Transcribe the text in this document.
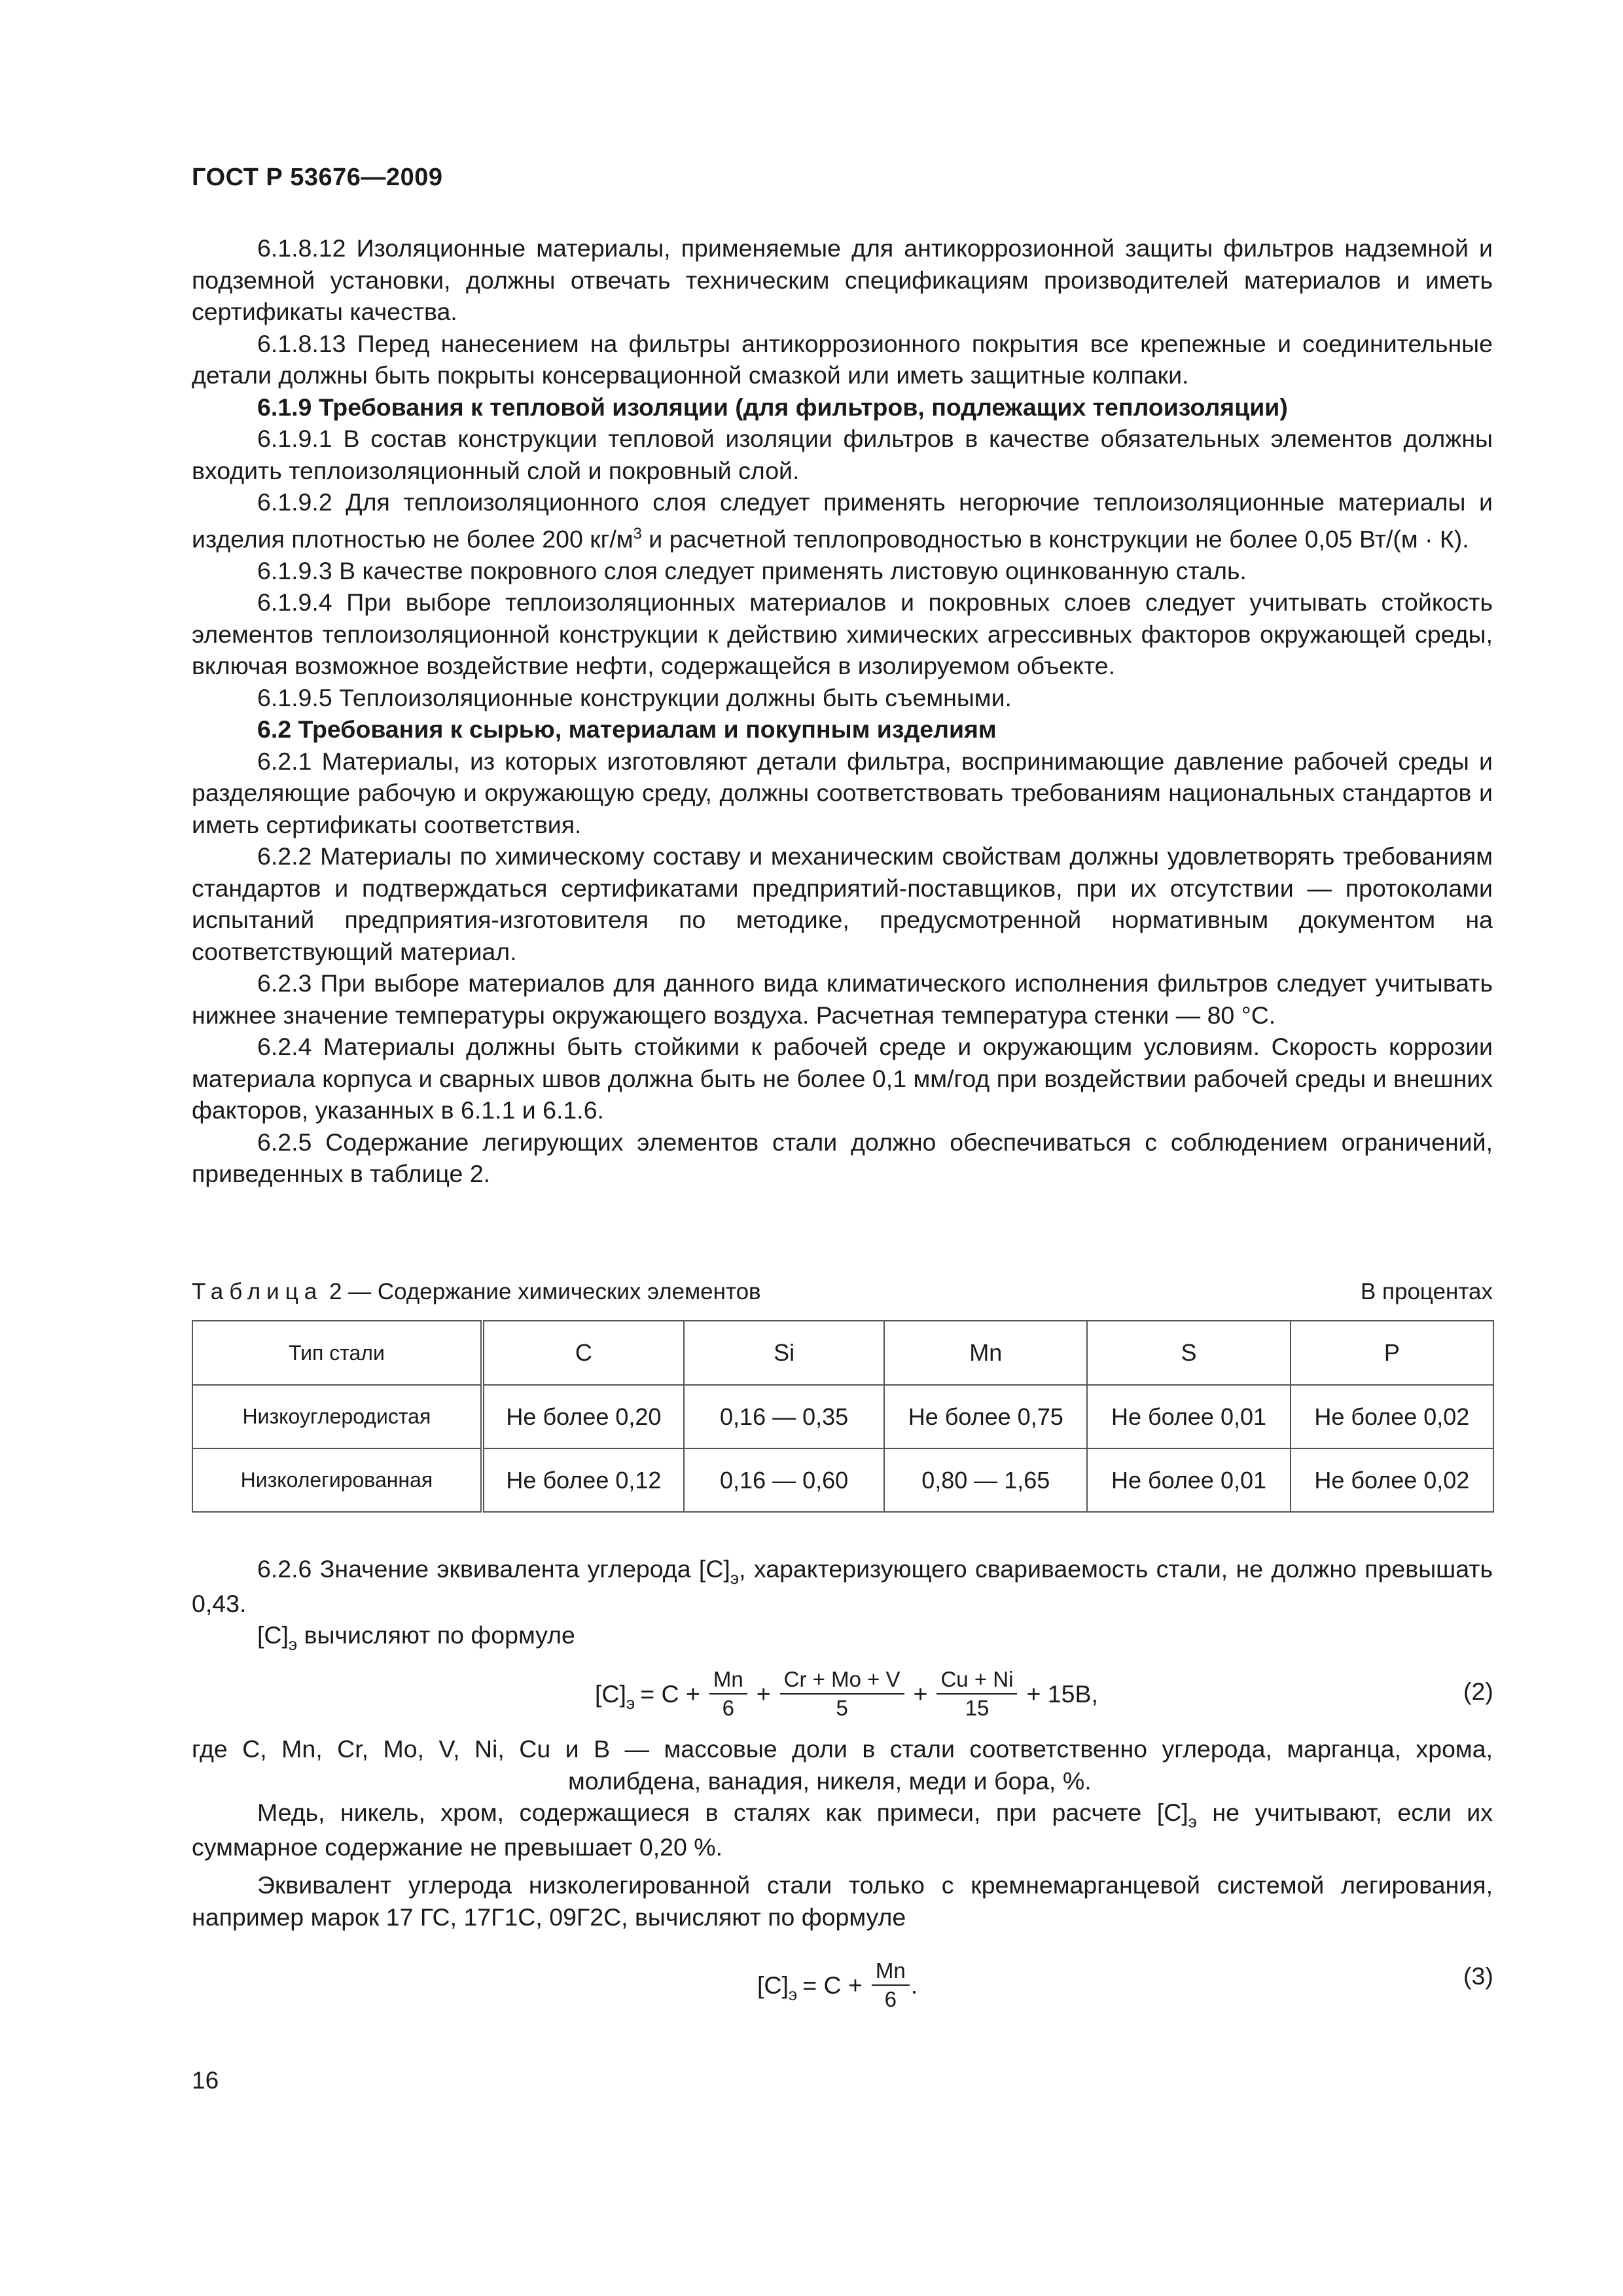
ГОСТ Р 53676—2009

6.1.8.12 Изоляционные материалы, применяемые для антикоррозионной защиты фильтров надземной и подземной установки, должны отвечать техническим спецификациям производителей материалов и иметь сертификаты качества.

6.1.8.13 Перед нанесением на фильтры антикоррозионного покрытия все крепежные и соединительные детали должны быть покрыты консервационной смазкой или иметь защитные колпаки.

6.1.9 Требования к тепловой изоляции (для фильтров, подлежащих теплоизоляции)

6.1.9.1 В состав конструкции тепловой изоляции фильтров в качестве обязательных элементов должны входить теплоизоляционный слой и покровный слой.

6.1.9.2 Для теплоизоляционного слоя следует применять негорючие теплоизоляционные материалы и изделия плотностью не более 200 $кг/м^3$ и расчетной теплопроводностью в конструкции не более 0,05 Вт/(м · К).

6.1.9.3 В качестве покровного слоя следует применять листовую оцинкованную сталь.

6.1.9.4 При выборе теплоизоляционных материалов и покровных слоев следует учитывать стойкость элементов теплоизоляционной конструкции к действию химических агрессивных факторов окружающей среды, включая возможное воздействие нефти, содержащейся в изолируемом объекте.

6.1.9.5 Теплоизоляционные конструкции должны быть съемными.

6.2 Требования к сырью, материалам и покупным изделиям

6.2.1 Материалы, из которых изготовляют детали фильтра, воспринимающие давление рабочей среды и разделяющие рабочую и окружающую среду, должны соответствовать требованиям национальных стандартов и иметь сертификаты соответствия.

6.2.2 Материалы по химическому составу и механическим свойствам должны удовлетворять требованиям стандартов и подтверждаться сертификатами предприятий-поставщиков, при их отсутствии — протоколами испытаний предприятия-изготовителя по методике, предусмотренной нормативным документом на соответствующий материал.

6.2.3 При выборе материалов для данного вида климатического исполнения фильтров следует учитывать нижнее значение температуры окружающего воздуха. Расчетная температура стенки — 80 °С.

6.2.4 Материалы должны быть стойкими к рабочей среде и окружающим условиям. Скорость коррозии материала корпуса и сварных швов должна быть не более 0,1 мм/год при воздействии рабочей среды и внешних факторов, указанных в 6.1.1 и 6.1.6.

6.2.5 Содержание легирующих элементов стали должно обеспечиваться с соблюдением ограничений, приведенных в таблице 2.

Таблица 2 — Содержание химических элементов	В процентах
Тип стали	C	Si	Mn	S	P
Низкоуглеродистая	Не более 0,20	0,16 — 0,35	Не более 0,75	Не более 0,01	Не более 0,02
Низколегированная	Не более 0,12	0,16 — 0,60	0,80 — 1,65	Не более 0,01	Не более 0,02

6.2.6 Значение эквивалента углерода $[С]_э$, характеризующего свариваемость стали, не должно превышать 0,43.

$[С]_э$ вычисляют по формуле

$[C]_э = C + \frac{Mn}{6} + \frac{Cr + Mo + V}{5} + \frac{Cu + Ni}{15} + 15B$,	(2)
где C, Mn, Cr, Mo, V, Ni, Cu и B — массовые доли в стали соответственно углерода, марганца, хрома,
молибдена, ванадия, никеля, меди и бора, %.

Медь, никель, хром, содержащиеся в сталях как примеси, при расчете $[С]_э$ не учитывают, если их суммарное содержание не превышает 0,20 %.

Эквивалент углерода низколегированной стали только с кремнемарганцевой системой легирования, например марок 17 ГС, 17Г1С, 09Г2С, вычисляют по формуле

$[C]_э = C + \frac{Mn}{6}$ .	(3)
16
